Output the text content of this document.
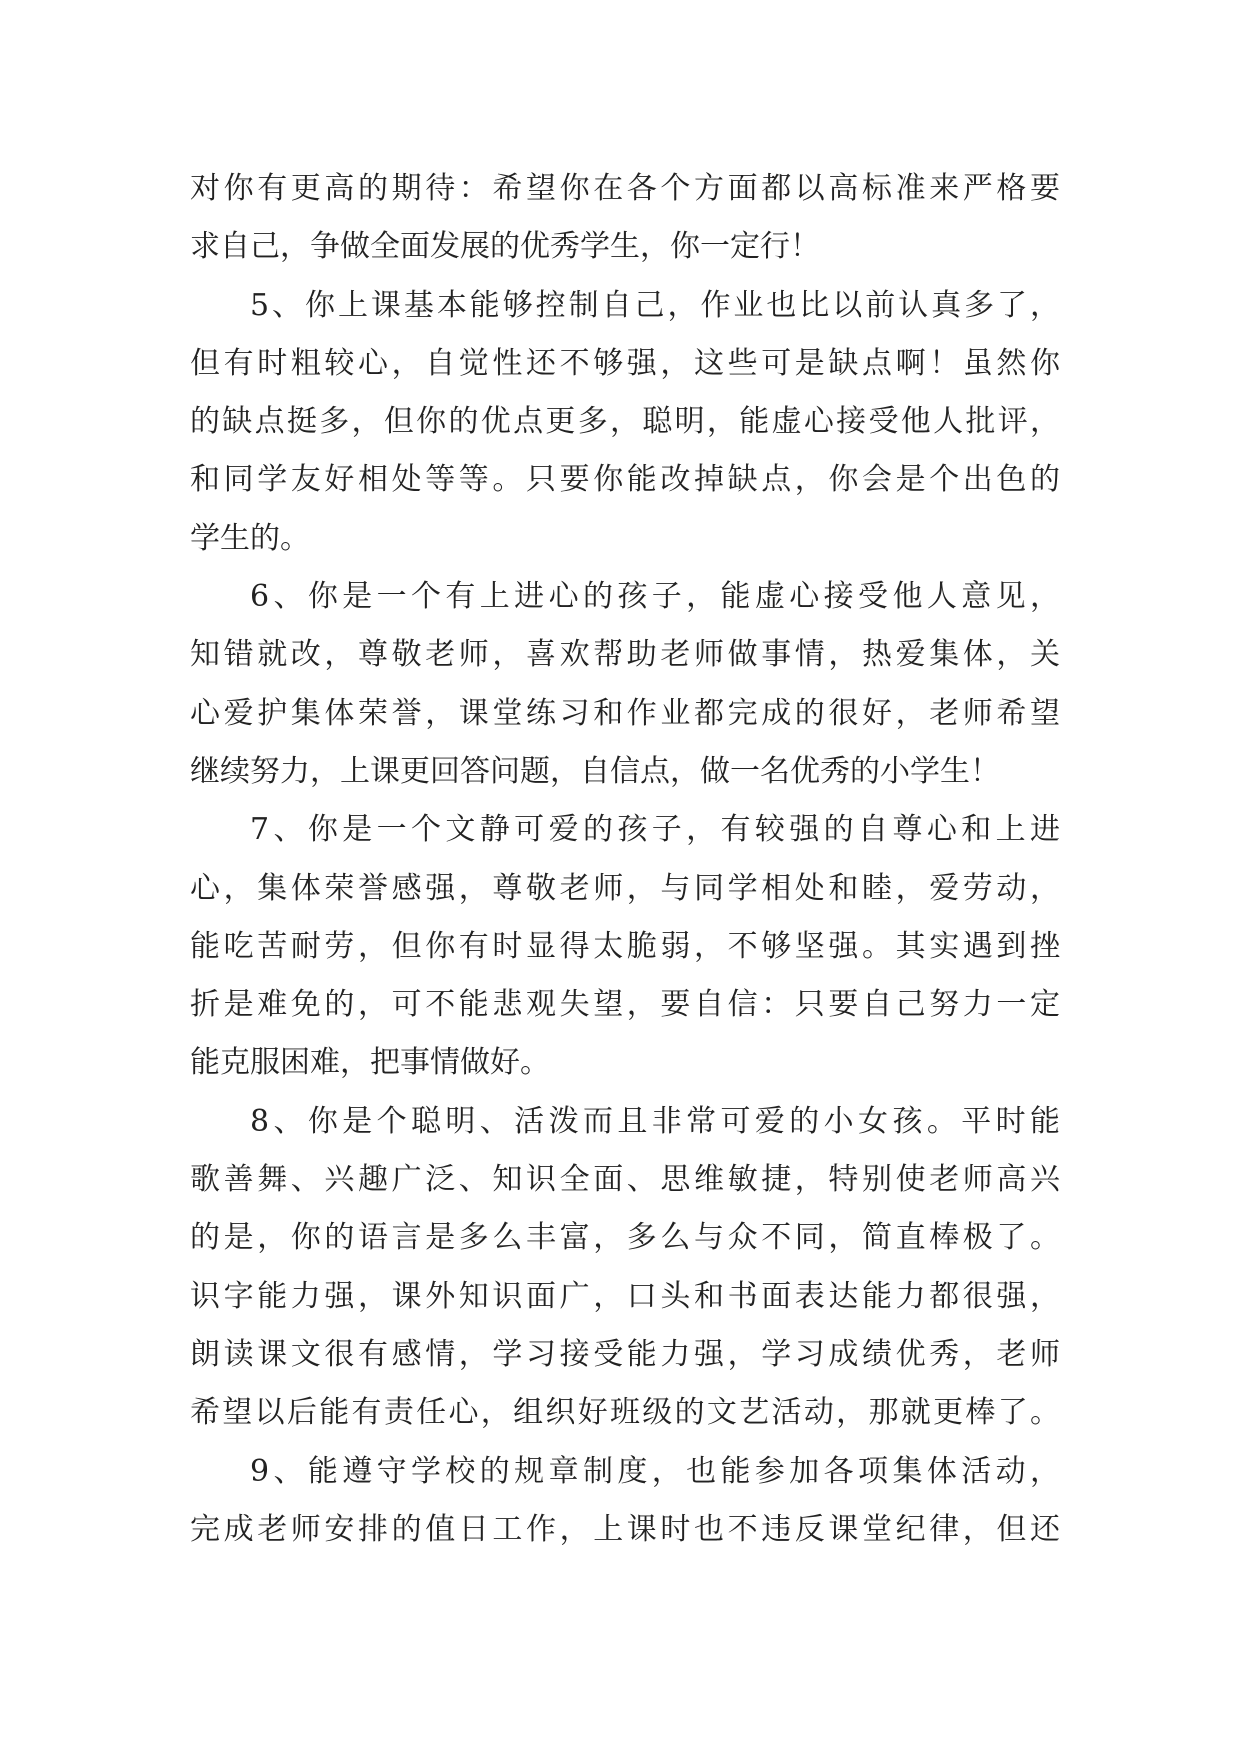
对你有更高的期待：希望你在各个方面都以高标准来严格要
求自己，争做全面发展的优秀学生，你一定行！
5、你上课基本能够控制自己，作业也比以前认真多了，
但有时粗较心，自觉性还不够强，这些可是缺点啊！虽然你
的缺点挺多，但你的优点更多，聪明，能虚心接受他人批评，
和同学友好相处等等。只要你能改掉缺点，你会是个出色的
学生的。
6、你是一个有上进心的孩子，能虚心接受他人意见，
知错就改，尊敬老师，喜欢帮助老师做事情，热爱集体，关
心爱护集体荣誉，课堂练习和作业都完成的很好，老师希望
继续努力，上课更回答问题，自信点，做一名优秀的小学生！
7、你是一个文静可爱的孩子，有较强的自尊心和上进
心，集体荣誉感强，尊敬老师，与同学相处和睦，爱劳动，
能吃苦耐劳，但你有时显得太脆弱，不够坚强。其实遇到挫
折是难免的，可不能悲观失望，要自信：只要自己努力一定
能克服困难，把事情做好。
8、你是个聪明、活泼而且非常可爱的小女孩。平时能
歌善舞、兴趣广泛、知识全面、思维敏捷，特别使老师高兴
的是，你的语言是多么丰富，多么与众不同，简直棒极了。
识字能力强，课外知识面广，口头和书面表达能力都很强，
朗读课文很有感情，学习接受能力强，学习成绩优秀，老师
希望以后能有责任心，组织好班级的文艺活动，那就更棒了。
9、能遵守学校的规章制度，也能参加各项集体活动，
完成老师安排的值日工作，上课时也不违反课堂纪律，但还
